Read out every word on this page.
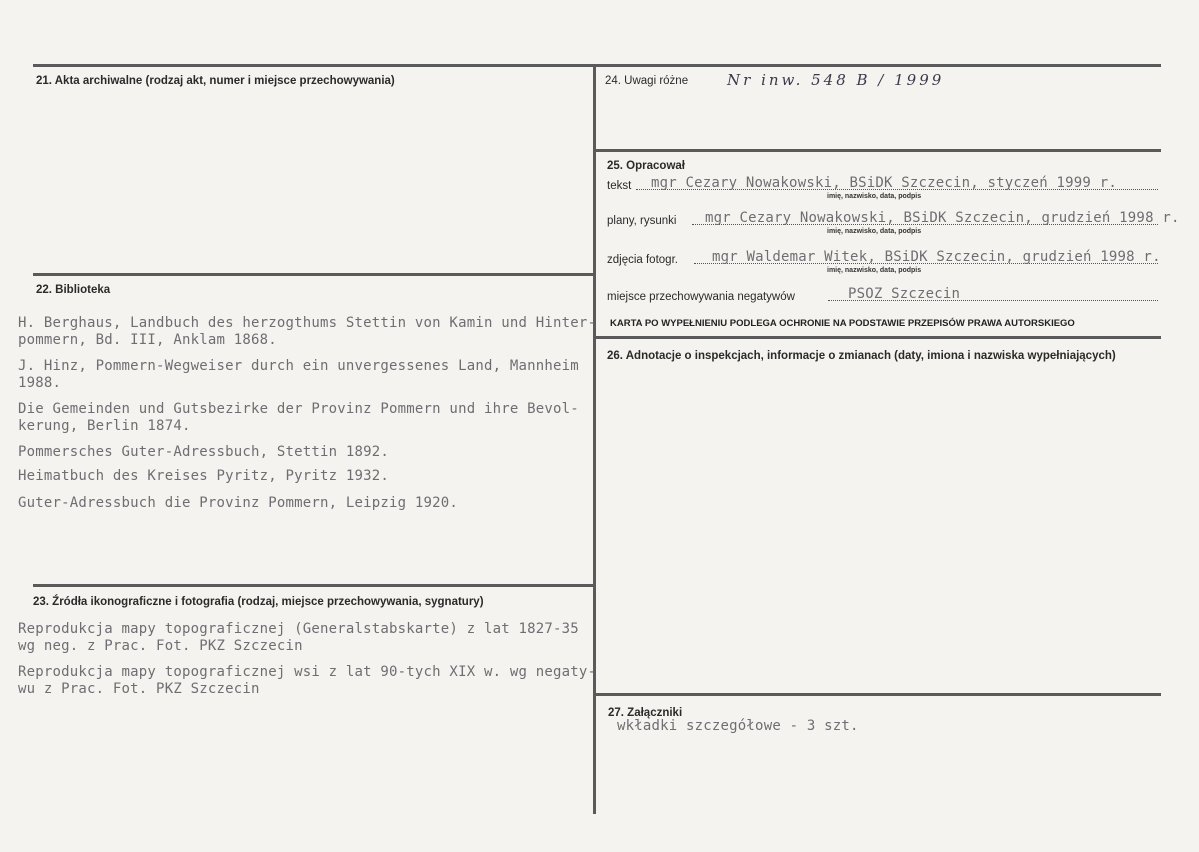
21. Akta archiwalne (rodzaj akt, numer i miejsce przechowywania)
22. Biblioteka
H. Berghaus, Landbuch des herzogthums Stettin von Kamin und Hinter-
pommern, Bd. III, Anklam 1868.
J. Hinz, Pommern-Wegweiser durch ein unvergessenes Land, Mannheim
1988.
Die Gemeinden und Gutsbezirke der Provinz Pommern und ihre Bevol-
kerung, Berlin 1874.
Pommersches Guter-Adressbuch, Stettin 1892.
Heimatbuch des Kreises Pyritz, Pyritz 1932.
Guter-Adressbuch die Provinz Pommern, Leipzig 1920.
23. Źródła ikonograficzne i fotografia (rodzaj, miejsce przechowywania, sygnatury)
Reprodukcja mapy topograficznej (Generalstabskarte) z lat 1827-35
wg neg. z Prac. Fot. PKZ Szczecin
Reprodukcja mapy topograficznej wsi z lat 90-tych XIX w. wg negaty-
wu z Prac. Fot. PKZ Szczecin
24. Uwagi różne	Nr inw. 548 B / 1999
25. Opracował
tekst mgr Cezary Nowakowski, BSiDK Szczecin, styczeń 1999 r.
imię, nazwisko, data, podpis
plany, rysunki mgr Cezary Nowakowski, BSiDK Szczecin, grudzień 1998 r.
imię, nazwisko, data, podpis
zdjęcia fotogr. mgr Waldemar Witek, BSiDK Szczecin, grudzień 1998 r.
imię, nazwisko, data, podpis
miejsce przechowywania negatywów	PSOZ Szczecin
KARTA PO WYPEŁNIENIU PODLEGA OCHRONIE NA PODSTAWIE PRZEPISÓW PRAWA AUTORSKIEGO
26. Adnotacje o inspekcjach, informacje o zmianach (daty, imiona i nazwiska wypełniających)
27. Załączniki
wkładki szczegółowe - 3 szt.
